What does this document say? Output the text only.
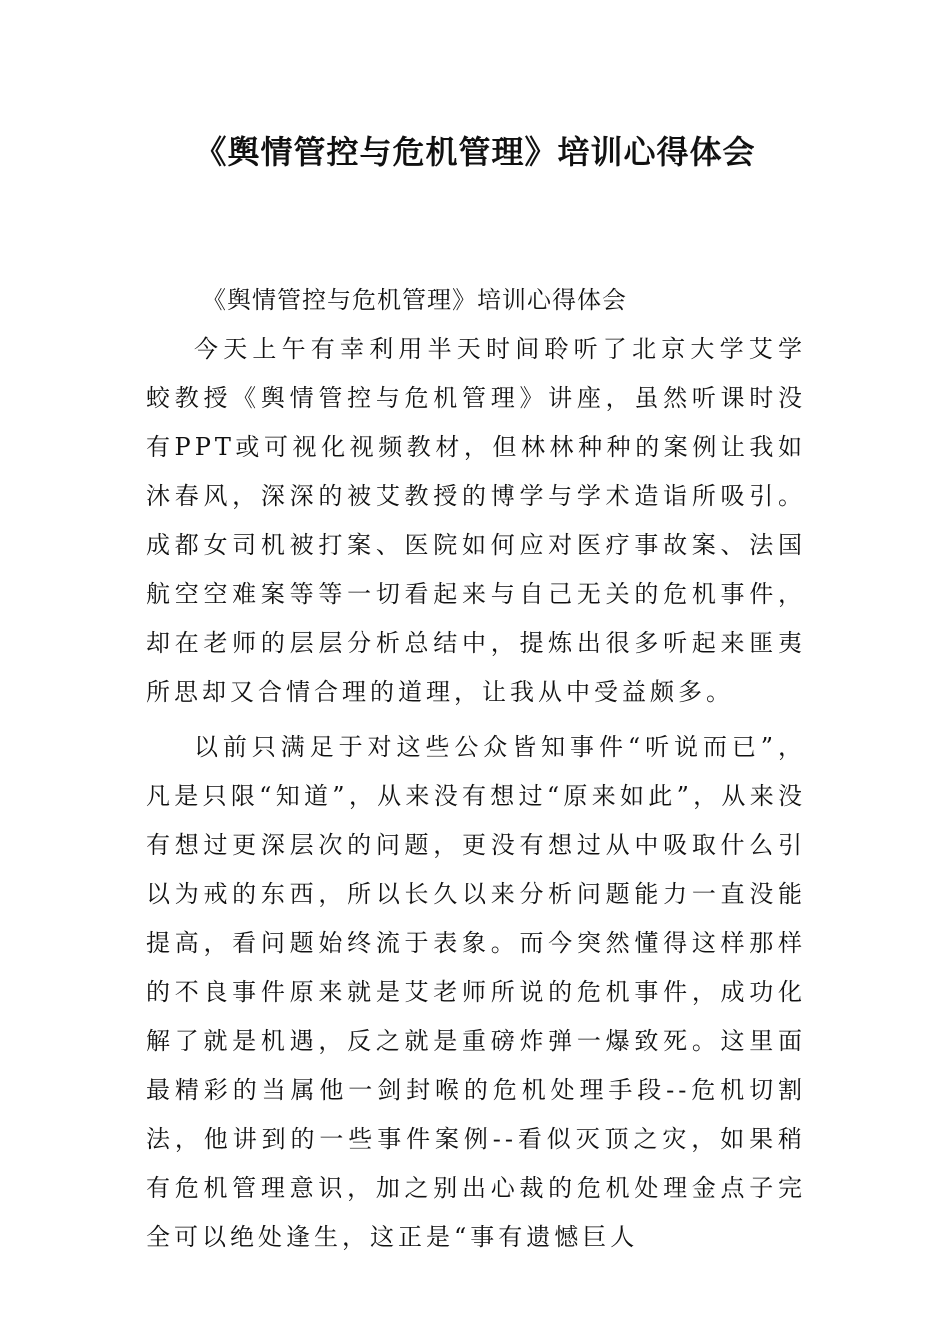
《舆情管控与危机管理》培训心得体会

《舆情管控与危机管理》培训心得体会

今天上午有幸利用半天时间聆听了北京大学艾学蛟教授《舆情管控与危机管理》讲座，虽然听课时没有PPT或可视化视频教材，但林林种种的案例让我如沐春风，深深的被艾教授的博学与学术造诣所吸引。成都女司机被打案、医院如何应对医疗事故案、法国航空空难案等等一切看起来与自己无关的危机事件，却在老师的层层分析总结中，提炼出很多听起来匪夷所思却又合情合理的道理，让我从中受益颇多。

以前只满足于对这些公众皆知事件“听说而已”，凡是只限“知道”，从来没有想过“原来如此”，从来没有想过更深层次的问题，更没有想过从中吸取什么引以为戒的东西，所以长久以来分析问题能力一直没能提高，看问题始终流于表象。而今突然懂得这样那样的不良事件原来就是艾老师所说的危机事件，成功化解了就是机遇，反之就是重磅炸弹一爆致死。这里面最精彩的当属他一剑封喉的危机处理手段--危机切割法，他讲到的一些事件案例--看似灭顶之灾，如果稍有危机管理意识，加之别出心裁的危机处理金点子完全可以绝处逢生，这正是“事有遗憾巨人
